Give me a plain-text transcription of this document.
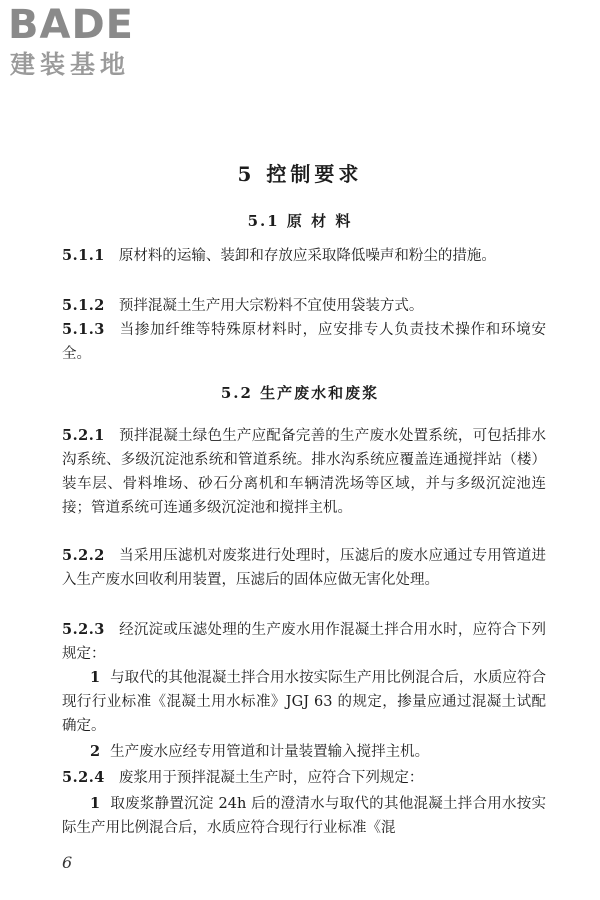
BADE
建装基地
5 控制要求
5.1 原 材 料

5.1.1 原材料的运输、装卸和存放应采取降低噪声和粉尘的措施。

5.1.2 预拌混凝土生产用大宗粉料不宜使用袋装方式。

5.1.3 当掺加纤维等特殊原材料时，应安排专人负责技术操作和环境安全。

5.2 生产废水和废浆

5.2.1 预拌混凝土绿色生产应配备完善的生产废水处置系统，可包括排水沟系统、多级沉淀池系统和管道系统。排水沟系统应覆盖连通搅拌站（楼）装车层、骨料堆场、砂石分离机和车辆清洗场等区域，并与多级沉淀池连接；管道系统可连通多级沉淀池和搅拌主机。

5.2.2 当采用压滤机对废浆进行处理时，压滤后的废水应通过专用管道进入生产废水回收利用装置，压滤后的固体应做无害化处理。

5.2.3 经沉淀或压滤处理的生产废水用作混凝土拌合用水时，应符合下列规定：

1 与取代的其他混凝土拌合用水按实际生产用比例混合后，水质应符合现行行业标准《混凝土用水标准》JGJ 63 的规定，掺量应通过混凝土试配确定。

2 生产废水应经专用管道和计量装置输入搅拌主机。

5.2.4 废浆用于预拌混凝土生产时，应符合下列规定：

1 取废浆静置沉淀 24h 后的澄清水与取代的其他混凝土拌合用水按实际生产用比例混合后，水质应符合现行行业标准《混

6
